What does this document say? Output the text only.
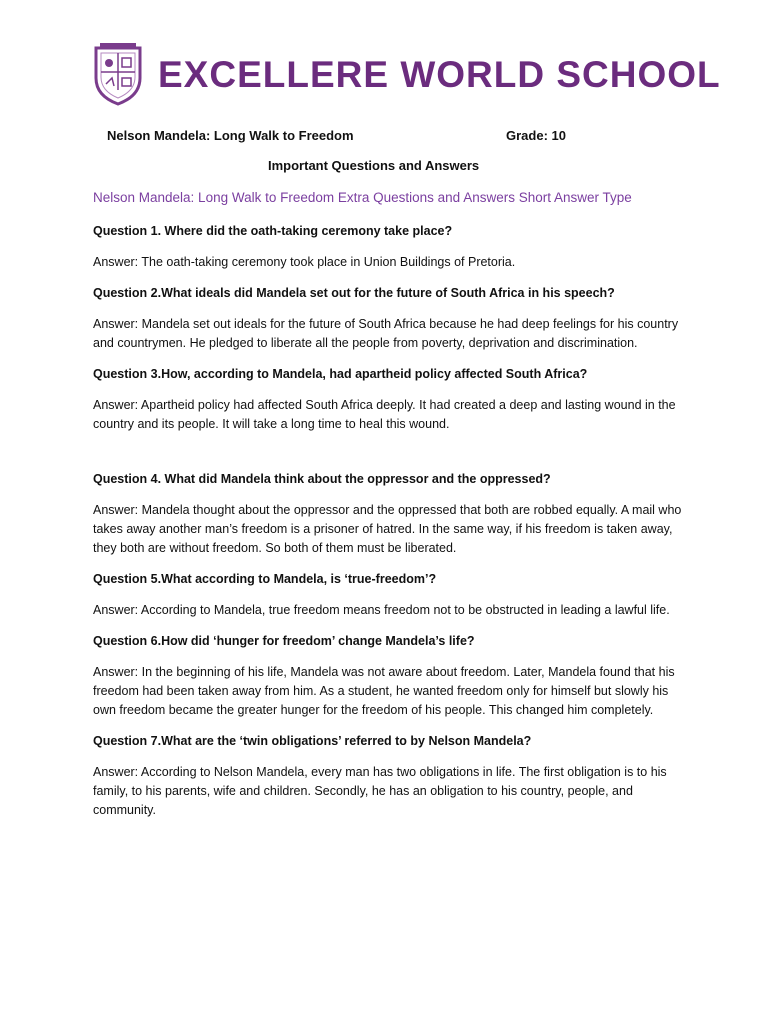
EXCELLERE WORLD SCHOOL
Nelson Mandela: Long Walk to Freedom	Grade: 10
Important Questions and Answers
Nelson Mandela: Long Walk to Freedom Extra Questions and Answers Short Answer Type

Question 1. Where did the oath-taking ceremony take place?

Answer: The oath-taking ceremony took place in Union Buildings of Pretoria.

Question 2.What ideals did Mandela set out for the future of South Africa in his speech?

Answer: Mandela set out ideals for the future of South Africa because he had deep feelings for his country and countrymen. He pledged to liberate all the people from poverty, deprivation and discrimination.

Question 3.How, according to Mandela, had apartheid policy affected South Africa?

Answer: Apartheid policy had affected South Africa deeply. It had created a deep and lasting wound in the country and its people. It will take a long time to heal this wound.

Question 4. What did Mandela think about the oppressor and the oppressed?

Answer: Mandela thought about the oppressor and the oppressed that both are robbed equally. A mail who takes away another man’s freedom is a prisoner of hatred. In the same way, if his freedom is taken away, they both are without freedom. So both of them must be liberated.

Question 5.What according to Mandela, is ‘true-freedom’?

Answer: According to Mandela, true freedom means freedom not to be obstructed in leading a lawful life.

Question 6.How did ‘hunger for freedom’ change Mandela’s life?

Answer: In the beginning of his life, Mandela was not aware about freedom. Later, Mandela found that his freedom had been taken away from him. As a student, he wanted freedom only for himself but slowly his own freedom became the greater hunger for the freedom of his people. This changed him completely.

Question 7.What are the ‘twin obligations’ referred to by Nelson Mandela?

Answer: According to Nelson Mandela, every man has two obligations in life. The first obligation is to his family, to his parents, wife and children. Secondly, he has an obligation to his country, people, and community.
